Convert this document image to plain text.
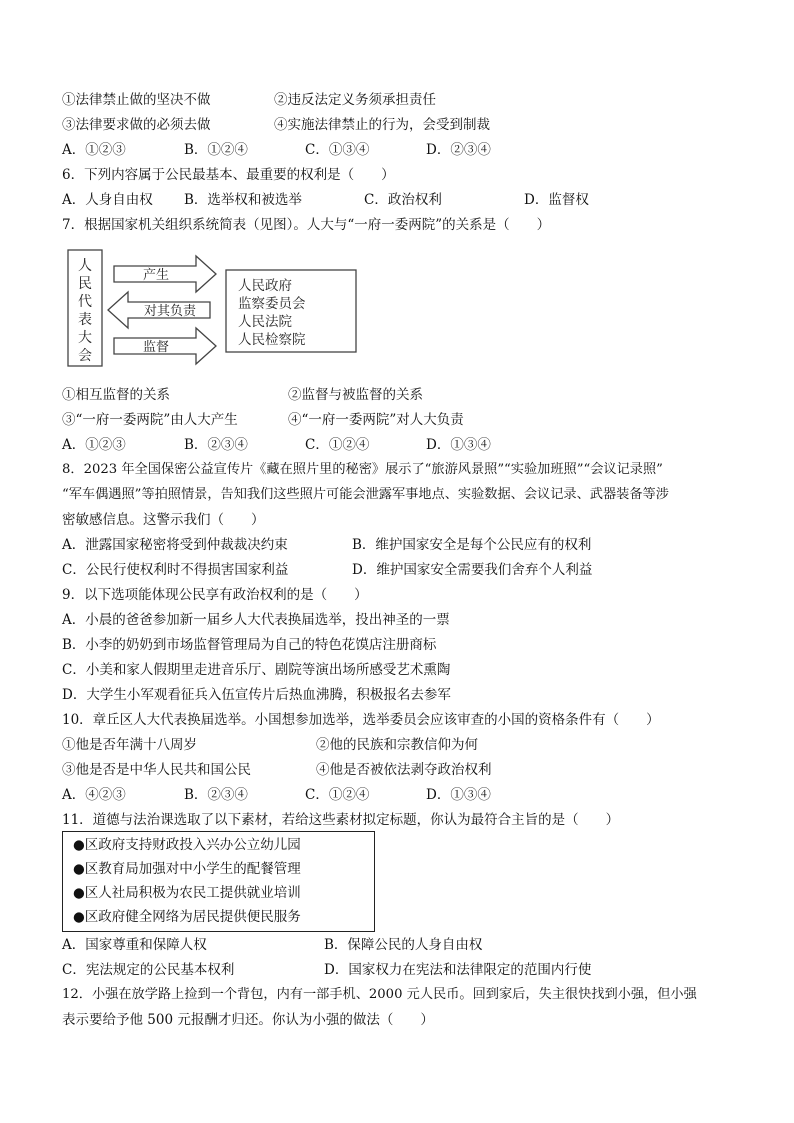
①法律禁止做的坚决不做	②违反法定义务须承担责任
③法律要求做的必须去做	④实施法律禁止的行为，会受到制裁
A．①②③	B．①②④	C．①③④	D．②③④
6．下列内容属于公民最基本、最重要的权利是（　　）
A．人身自由权 B．选举权和被选举	C．政治权利	D．监督权
7．根据国家机关组织系统简表（见图）。人大与“一府一委两院”的关系是（　　）
人
民
代
表
大
会
产生
对其负责
监督
人民政府
监察委员会
人民法院
人民检察院
①相互监督的关系	②监督与被监督的关系
③“一府一委两院”由人大产生	④“一府一委两院”对人大负责
A．①②③	B．②③④	C．①②④	D．①③④
8．2023 年全国保密公益宣传片《藏在照片里的秘密》展示了“旅游风景照”“实验加班照”“会议记录照”
“军车偶遇照”等拍照情景，告知我们这些照片可能会泄露军事地点、实验数据、会议记录、武器装备等涉
密敏感信息。这警示我们（　　）
A．泄露国家秘密将受到仲裁裁决约束	B．维护国家安全是每个公民应有的权利
C．公民行使权利时不得损害国家利益	D．维护国家安全需要我们舍弃个人利益
9．以下选项能体现公民享有政治权利的是（　　）
A．小晨的爸爸参加新一届乡人大代表换届选举，投出神圣的一票
B．小李的奶奶到市场监督管理局为自己的特色花馍店注册商标
C．小美和家人假期里走进音乐厅、剧院等演出场所感受艺术熏陶
D．大学生小军观看征兵入伍宣传片后热血沸腾，积极报名去参军
10．章丘区人大代表换届选举。小国想参加选举，选举委员会应该审查的小国的资格条件有（　　）
①他是否年满十八周岁	②他的民族和宗教信仰为何
③他是否是中华人民共和国公民	④他是否被依法剥夺政治权利
A．④②③	B．②③④	C．①②④	D．①③④
11．道德与法治课选取了以下素材，若给这些素材拟定标题，你认为最符合主旨的是（　　）
●区政府支持财政投入兴办公立幼儿园
●区教育局加强对中小学生的配餐管理
●区人社局积极为农民工提供就业培训
●区政府健全网络为居民提供便民服务
A．国家尊重和保障人权	B．保障公民的人身自由权
C．宪法规定的公民基本权利	D．国家权力在宪法和法律限定的范围内行使
12．小强在放学路上捡到一个背包，内有一部手机、2000 元人民币。回到家后，失主很快找到小强，但小强
表示要给予他 500 元报酬才归还。你认为小强的做法（　　）
